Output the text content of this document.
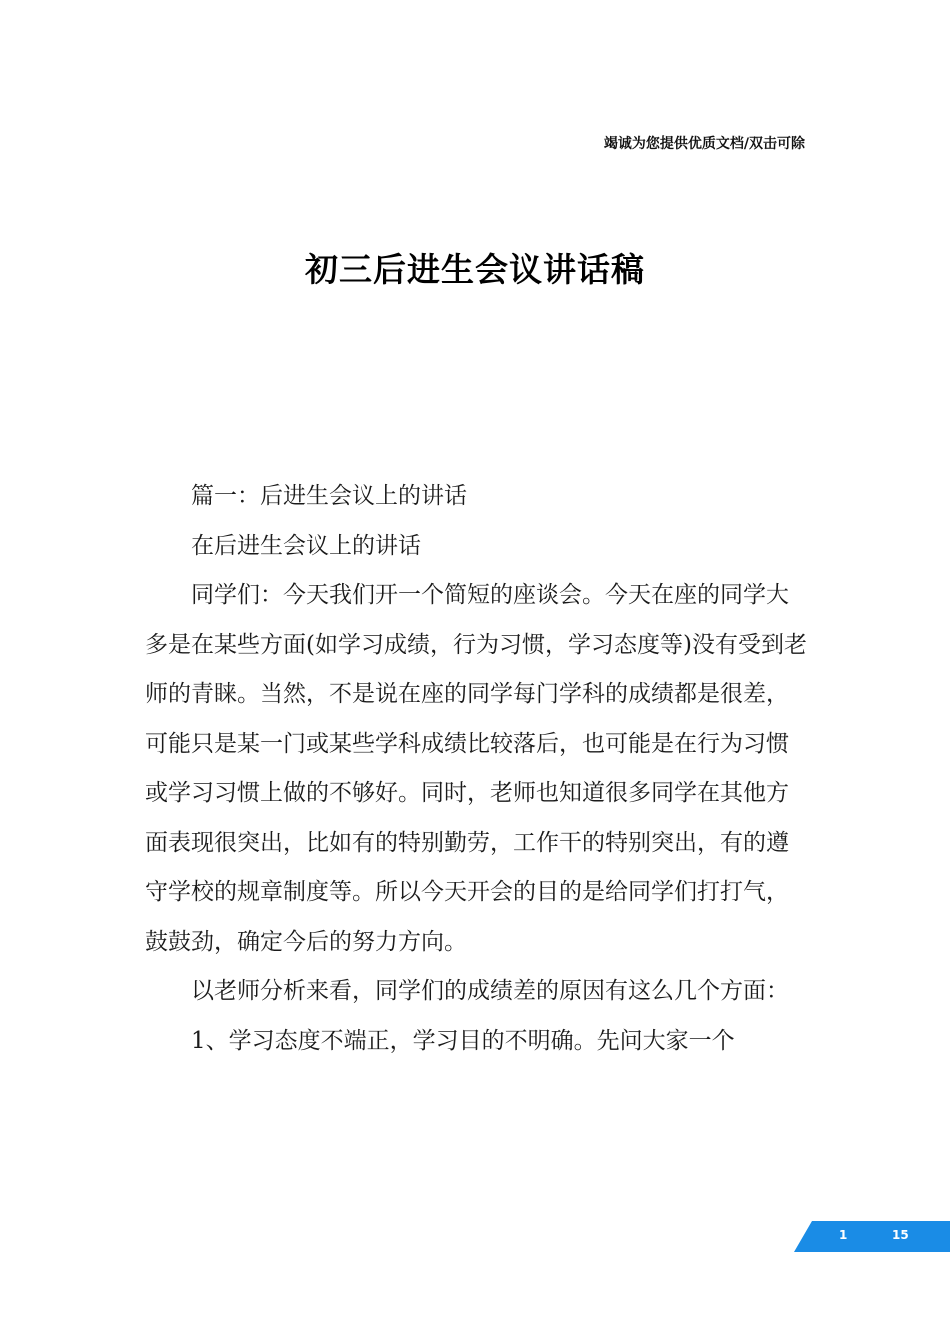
竭诚为您提供优质文档/双击可除
初三后进生会议讲话稿

篇一：后进生会议上的讲话

在后进生会议上的讲话

同学们：今天我们开一个简短的座谈会。今天在座的同学大多是在某些方面(如学习成绩，行为习惯，学习态度等)没有受到老师的青睐。当然，不是说在座的同学每门学科的成绩都是很差，可能只是某一门或某些学科成绩比较落后，也可能是在行为习惯或学习习惯上做的不够好。同时，老师也知道很多同学在其他方面表现很突出，比如有的特别勤劳，工作干的特别突出，有的遵守学校的规章制度等。所以今天开会的目的是给同学们打打气，鼓鼓劲，确定今后的努力方向。

以老师分析来看，同学们的成绩差的原因有这么几个方面：

1、学习态度不端正，学习目的不明确。先问大家一个

1	15
